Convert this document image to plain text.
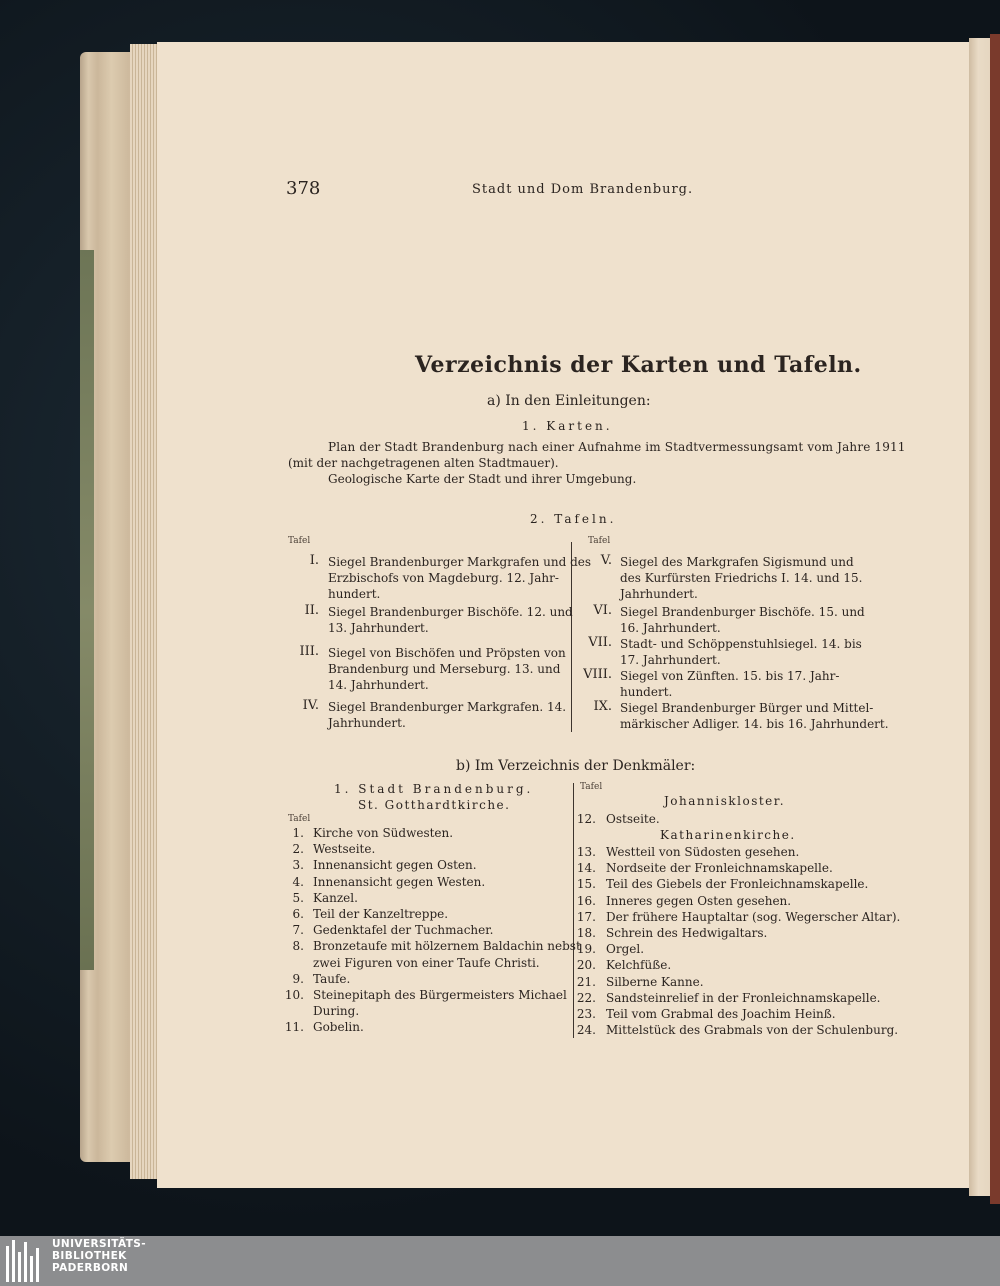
378	Stadt und Dom Brandenburg.
Verzeichnis der Karten und Tafeln.
a) In den Einleitungen:
1. Karten.
Plan der Stadt Brandenburg nach einer Aufnahme im Stadtvermessungsamt vom Jahre 1911
(mit der nachgetragenen alten Stadtmauer).
Geologische Karte der Stadt und ihrer Umgebung.
2. Tafeln.
Tafel	Tafel
I. Siegel Brandenburger Markgrafen und des
Erzbischofs von Magdeburg. 12. Jahr-
hundert.
II. Siegel Brandenburger Bischöfe. 12. und
13. Jahrhundert.
III. Siegel von Bischöfen und Pröpsten von
Brandenburg und Merseburg. 13. und
14. Jahrhundert.
IV. Siegel Brandenburger Markgrafen. 14.
Jahrhundert.
V. Siegel des Markgrafen Sigismund und
des Kurfürsten Friedrichs I. 14. und 15.
Jahrhundert.
VI. Siegel Brandenburger Bischöfe. 15. und
16. Jahrhundert.
VII. Stadt- und Schöppenstuhlsiegel. 14. bis
17. Jahrhundert.
VIII. Siegel von Zünften. 15. bis 17. Jahr-
hundert.
IX. Siegel Brandenburger Bürger und Mittel-
märkischer Adliger. 14. bis 16. Jahrhundert.
b) Im Verzeichnis der Denkmäler:
1. Stadt Brandenburg.
St. Gotthardtkirche.
Tafel
Tafel
1. Kirche von Südwesten.
2. Westseite.
3. Innenansicht gegen Osten.
4. Innenansicht gegen Westen.
5. Kanzel.
6. Teil der Kanzeltreppe.
7. Gedenktafel der Tuchmacher.
8. Bronzetaufe mit hölzernem Baldachin nebst
zwei Figuren von einer Taufe Christi.
9. Taufe.
10. Steinepitaph des Bürgermeisters Michael
During.
11. Gobelin.
Johanniskloster.
12. Ostseite.
Katharinenkirche.
13. Westteil von Südosten gesehen.
14. Nordseite der Fronleichnamskapelle.
15. Teil des Giebels der Fronleichnamskapelle.
16. Inneres gegen Osten gesehen.
17. Der frühere Hauptaltar (sog. Wegerscher Altar).
18. Schrein des Hedwigaltars.
19. Orgel.
20. Kelchfüße.
21. Silberne Kanne.
22. Sandsteinrelief in der Fronleichnamskapelle.
23. Teil vom Grabmal des Joachim Heinß.
24. Mittelstück des Grabmals von der Schulenburg.
UNIVERSITÄTS-
BIBLIOTHEK
PADERBORN
